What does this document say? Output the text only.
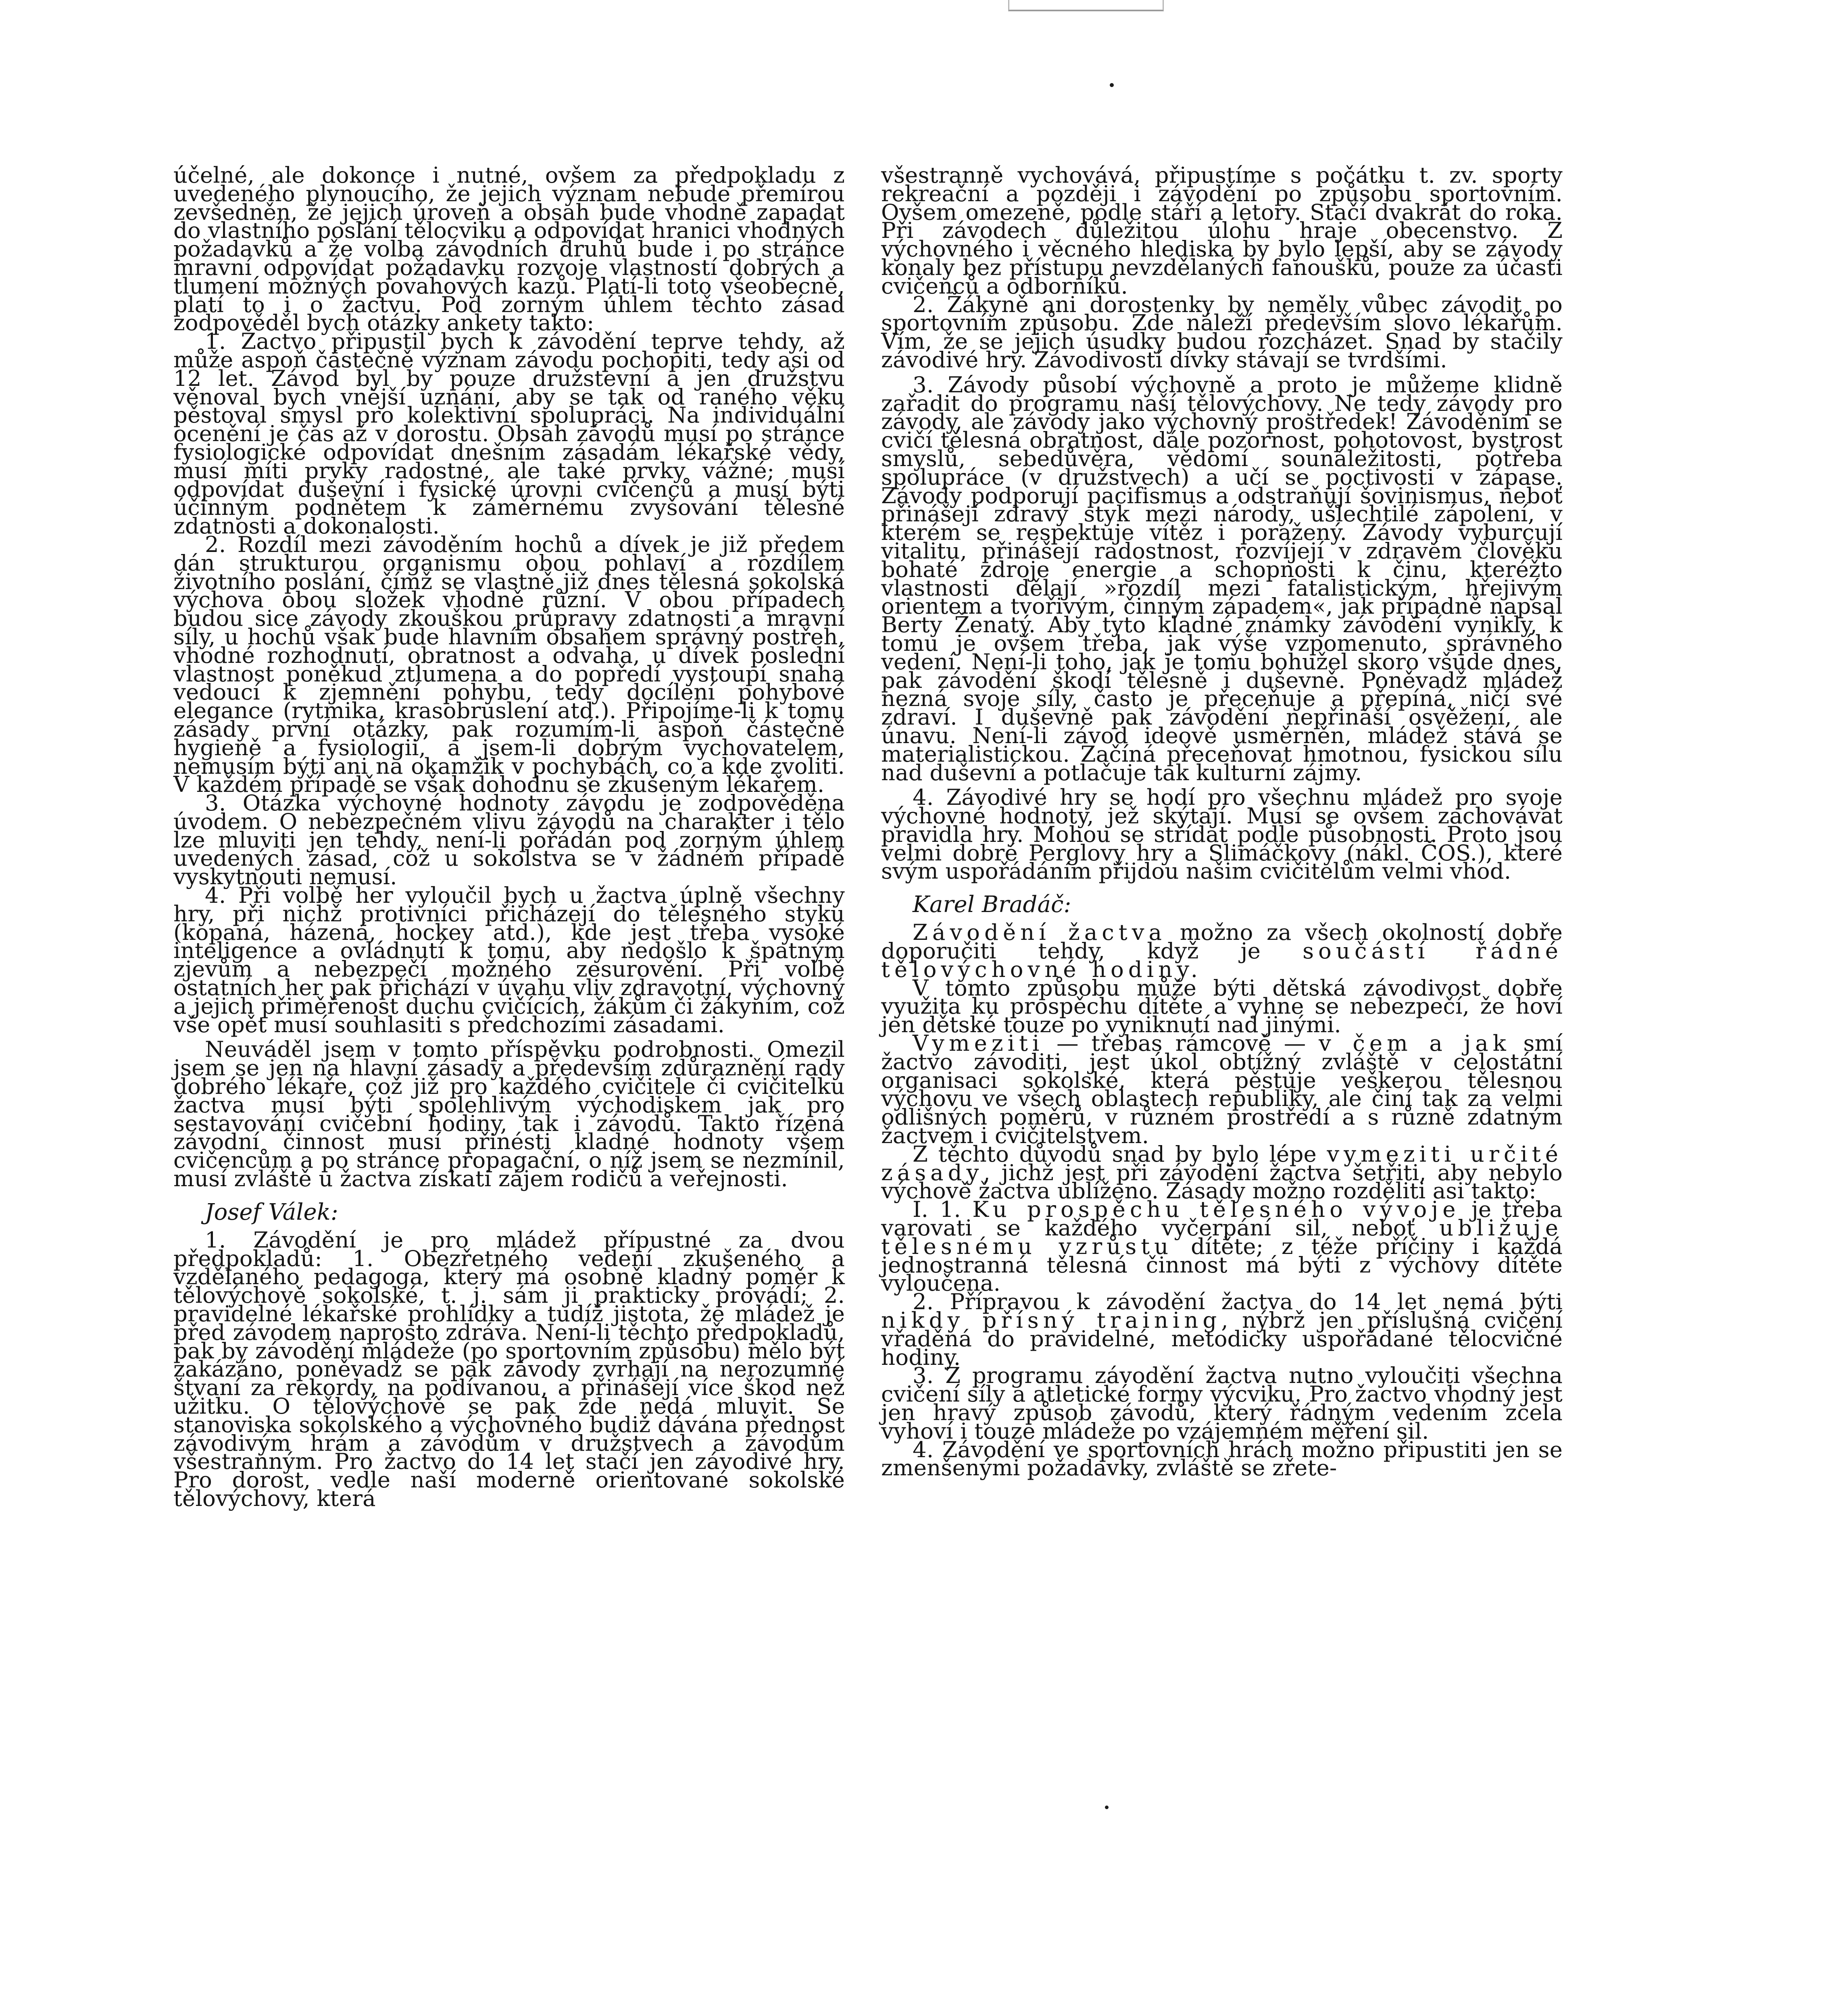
účelné, ale dokonce i nutné, ovšem za předpokladu z uvedeného plynoucího, že jejich význam nebude přemírou zevšedněn, že jejich úroveň a obsah bude vhodně zapadat do vlastního poslání tělocviku a odpovídat hranici vhodných požadavků a že volba závodních druhů bude i po stránce mravní odpovídat požadavku rozvoje vlastností dobrých a tlumení možných povahových kazů. Platí-li toto všeobecně, platí to i o žactvu. Pod zorným úhlem těchto zásad zodpověděl bych otázky ankety takto:

1. Žactvo připustil bych k závodění teprve tehdy, až může aspoň částečně význam závodu pochopiti, tedy asi od 12 let. Závod byl by pouze družstevní a jen družstvu věnoval bych vnější uznání, aby se tak od raného věku pěstoval smysl pro kolektivní spolupráci. Na individuální ocenění je čas až v dorostu. Obsah závodů musí po stránce fysiologické odpovídat dnešním zásadám lékařské vědy, musí míti prvky radostné, ale také prvky vážné; musí odpovídat duševní i fysické úrovni cvičenců a musí býti účinným podnětem k záměrnému zvyšování tělesné zdatnosti a dokonalosti.

2. Rozdíl mezi závoděním hochů a dívek je již předem dán strukturou organismu obou pohlaví a rozdílem životního poslání, čímž se vlastně již dnes tělesná sokolská výchova obou složek vhodně různí. V obou případech budou sice závody zkouškou průpravy zdatnosti a mravní síly, u hochů však bude hlavním obsahem správný postřeh, vhodné rozhodnutí, obratnost a odvaha, u dívek poslední vlastnost poněkud ztlumena a do popředí vystoupí snaha vedoucí k zjemnění pohybu, tedy docílení pohybové elegance (rytmika, krasobruslení atd.). Připojíme-li k tomu zásady první otázky, pak rozumím-li aspoň částečně hygieně a fysiologii, a jsem-li dobrým vychovatelem, nemusím býti ani na okamžik v pochybách, co a kde zvoliti. V každém případě se však dohodnu se zkušeným lékařem.

3. Otázka výchovné hodnoty závodu je zodpověděna úvodem. O nebezpečném vlivu závodů na charakter i tělo lze mluviti jen tehdy, není-li pořádán pod zorným úhlem uvedených zásad, což u sokolstva se v žádném případě vyskytnouti nemusí.

4. Při volbě her vyloučil bych u žactva úplně všechny hry, při nichž protivníci přicházejí do tělesného styku (kopaná, házená, hockey atd.), kde jest třeba vysoké inteligence a ovládnutí k tomu, aby nedošlo k špatným zjevům a nebezpečí možného zesurovění. Při volbě ostatních her pak přichází v úvahu vliv zdravotní, výchovný a jejich přiměřenost duchu cvičících, žákům či žákyním, což vše opět musí souhlasiti s předchozími zásadami.

Neuváděl jsem v tomto příspěvku podrobnosti. Omezil jsem se jen na hlavní zásady a především zdůraznění rady dobrého lékaře, což již pro každého cvičitele či cvičitelku žactva musí býti spolehlivým východiskem jak pro sestavování cvičební hodiny, tak i závodů. Takto řízená závodní činnost musí přinésti kladné hodnoty všem cvičencům a po stránce propagační, o níž jsem se nezmínil, musí zvláště u žactva získati zájem rodičů a veřejnosti.

Josef Válek:

1. Závodění je pro mládež přípustné za dvou předpokladů: 1. Obezřetného vedení zkušeného a vzdělaného pedagoga, který má osobně kladný poměr k tělovýchově sokolské, t. j. sám ji prakticky provádí; 2. pravidelné lékařské prohlídky a tudíž jistota, že mládež je před závodem naprosto zdráva. Není-li těchto předpokladů, pak by závodění mládeže (po sportovním způsobu) mělo být zakázáno, poněvadž se pak závody zvrhají na nerozumné štvaní za rekordy, na podívanou, a přinášejí více škod než užitku. O tělovýchově se pak zde nedá mluvit. Se stanoviska sokolského a výchovného budiž dávána přednost závodivým hrám a závodům v družstvech a závodům všestranným. Pro žactvo do 14 let stačí jen závodivé hry. Pro dorost, vedle naší moderně orientované sokolské tělovýchovy, která

všestranně vychovává, připustíme s počátku t. zv. sporty rekreační a později i závodění po způsobu sportovním. Ovšem omezeně, podle stáří a letory. Stačí dvakrát do roka. Při závodech důležitou úlohu hraje obecenstvo. Z výchovného i věcného hlediska by bylo lepší, aby se závody konaly bez přístupu nevzdělaných fanoušků, pouze za účasti cvičenců a odborníků.

2. Žákyně ani dorostenky by neměly vůbec závodit po sportovním způsobu. Zde náleží především slovo lékařům. Vím, že se jejich úsudky budou rozcházet. Snad by stačily závodivé hry. Závodivostí dívky stávají se tvrdšími.

3. Závody působí výchovně a proto je můžeme klidně zařadit do programu naší tělovýchovy. Ne tedy závody pro závody, ale závody jako výchovný prostředek! Závoděním se cvičí tělesná obratnost, dále pozornost, pohotovost, bystrost smyslů, sebedůvěra, vědomí sounáležitosti, potřeba spolupráce (v družstvech) a učí se poctivosti v zápase. Závody podporují pacifismus a odstraňují šovinismus, neboť přinášejí zdravý styk mezi národy, ušlechtilé zápolení, v kterém se respektuje vítěz i poražený. Závody vyburcují vitalitu, přinášejí radostnost, rozvíjejí v zdravém člověku bohaté zdroje energie a schopnosti k činu, kteréžto vlastnosti dělají »rozdíl mezi fatalistickým, hřejivým orientem a tvořivým, činným západem«, jak případně napsal Berty Ženatý. Aby tyto kladné známky závodění vynikly, k tomu je ovšem třeba, jak výše vzpomenuto, správného vedení. Není-li toho, jak je tomu bohužel skoro všude dnes, pak závodění škodí tělesně i duševně. Poněvadž mládež nezná svoje síly, často je přeceňuje a přepíná, ničí své zdraví. I duševně pak závodění nepřináší osvěžení, ale únavu. Není-li závod ideově usměrněn, mládež stává se materialistickou. Začíná přeceňovat hmotnou, fysickou sílu nad duševní a potlačuje tak kulturní zájmy.

4. Závodivé hry se hodí pro všechnu mládež pro svoje výchovné hodnoty, jež skýtají. Musí se ovšem zachovávat pravidla hry. Mohou se střídat podle působnosti. Proto jsou velmi dobré Perglovy hry a Slimáčkovy (nákl. ČOS.), které svým uspořádáním přijdou našim cvičitelům velmi vhod.

Karel Bradáč:

Závodění žactva možno za všech okolností dobře doporučiti tehdy, když je součástí řádné tělovýchovné hodiny.

V tomto způsobu může býti dětská závodivost dobře využita ku prospěchu dítěte a vyhne se nebezpečí, že hoví jen dětské touze po vyniknutí nad jinými.

Vymeziti — třebas rámcově — v čem a jak smí žactvo závoditi, jest úkol obtížný zvláště v celostátní organisaci sokolské, která pěstuje veškerou tělesnou výchovu ve všech oblastech republiky, ale činí tak za velmi odlišných poměrů, v různém prostředí a s různě zdatným žactvem i cvičitelstvem.

Z těchto důvodů snad by bylo lépe vymeziti určité zásady, jichž jest při závodění žactva šetřiti, aby nebylo výchově žactva ublíženo. Zásady možno rozděliti asi takto:

I. 1. Ku prospěchu tělesného vývoje je třeba varovati se každého vyčerpání sil, neboť ubližuje tělesnému vzrůstu dítěte; z téže příčiny i každá jednostranná tělesná činnost má býti z výchovy dítěte vyloučena.

2. Přípravou k závodění žactva do 14 let nemá býti nikdy přísný training, nýbrž jen příslušná cvičení vřaděná do pravidelné, metodicky uspořádané tělocvičné hodiny.

3. Z programu závodění žactva nutno vyloučiti všechna cvičení síly a atletické formy výcviku. Pro žactvo vhodný jest jen hravý způsob závodů, který řádným vedením zcela vyhoví i touze mládeže po vzájemném měření sil.

4. Závodění ve sportovních hrách možno připustiti jen se zmenšenými požadavky, zvláště se zřete-
